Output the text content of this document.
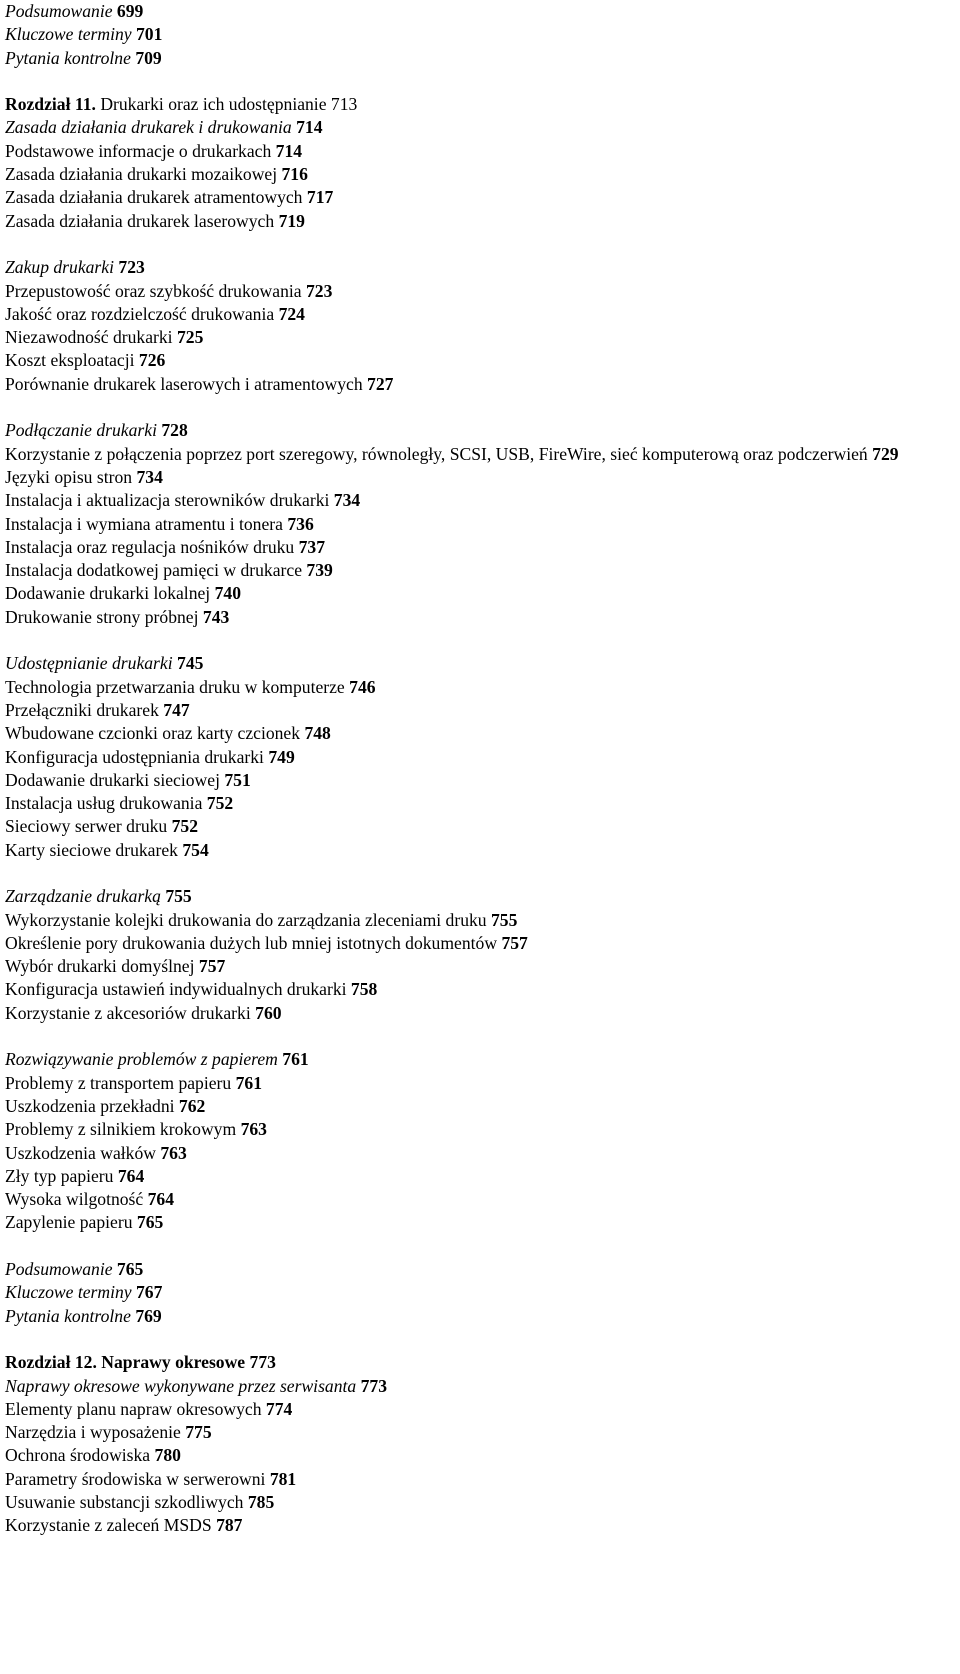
Podsumowanie 699
Kluczowe terminy 701
Pytania kontrolne 709
Rozdział 11. Drukarki oraz ich udostępnianie 713
Zasada działania drukarek i drukowania 714
Podstawowe informacje o drukarkach 714
Zasada działania drukarki mozaikowej 716
Zasada działania drukarek atramentowych 717
Zasada działania drukarek laserowych 719
Zakup drukarki 723
Przepustowość oraz szybkość drukowania 723
Jakość oraz rozdzielczość drukowania 724
Niezawodność drukarki 725
Koszt eksploatacji 726
Porównanie drukarek laserowych i atramentowych 727
Podłączanie drukarki 728
Korzystanie z połączenia poprzez port szeregowy, równoległy, SCSI, USB, FireWire, sieć komputerową oraz podczerwień 729
Języki opisu stron 734
Instalacja i aktualizacja sterowników drukarki 734
Instalacja i wymiana atramentu i tonera 736
Instalacja oraz regulacja nośników druku 737
Instalacja dodatkowej pamięci w drukarce 739
Dodawanie drukarki lokalnej 740
Drukowanie strony próbnej 743
Udostępnianie drukarki 745
Technologia przetwarzania druku w komputerze 746
Przełączniki drukarek 747
Wbudowane czcionki oraz karty czcionek 748
Konfiguracja udostępniania drukarki 749
Dodawanie drukarki sieciowej 751
Instalacja usług drukowania 752
Sieciowy serwer druku 752
Karty sieciowe drukarek 754
Zarządzanie drukarką 755
Wykorzystanie kolejki drukowania do zarządzania zleceniami druku 755
Określenie pory drukowania dużych lub mniej istotnych dokumentów 757
Wybór drukarki domyślnej 757
Konfiguracja ustawień indywidualnych drukarki 758
Korzystanie z akcesoriów drukarki 760
Rozwiązywanie problemów z papierem 761
Problemy z transportem papieru 761
Uszkodzenia przekładni 762
Problemy z silnikiem krokowym 763
Uszkodzenia wałków 763
Zły typ papieru 764
Wysoka wilgotność 764
Zapylenie papieru 765
Podsumowanie 765
Kluczowe terminy 767
Pytania kontrolne 769
Rozdział 12. Naprawy okresowe 773
Naprawy okresowe wykonywane przez serwisanta 773
Elementy planu napraw okresowych 774
Narzędzia i wyposażenie 775
Ochrona środowiska 780
Parametry środowiska w serwerowni 781
Usuwanie substancji szkodliwych 785
Korzystanie z zaleceń MSDS 787
